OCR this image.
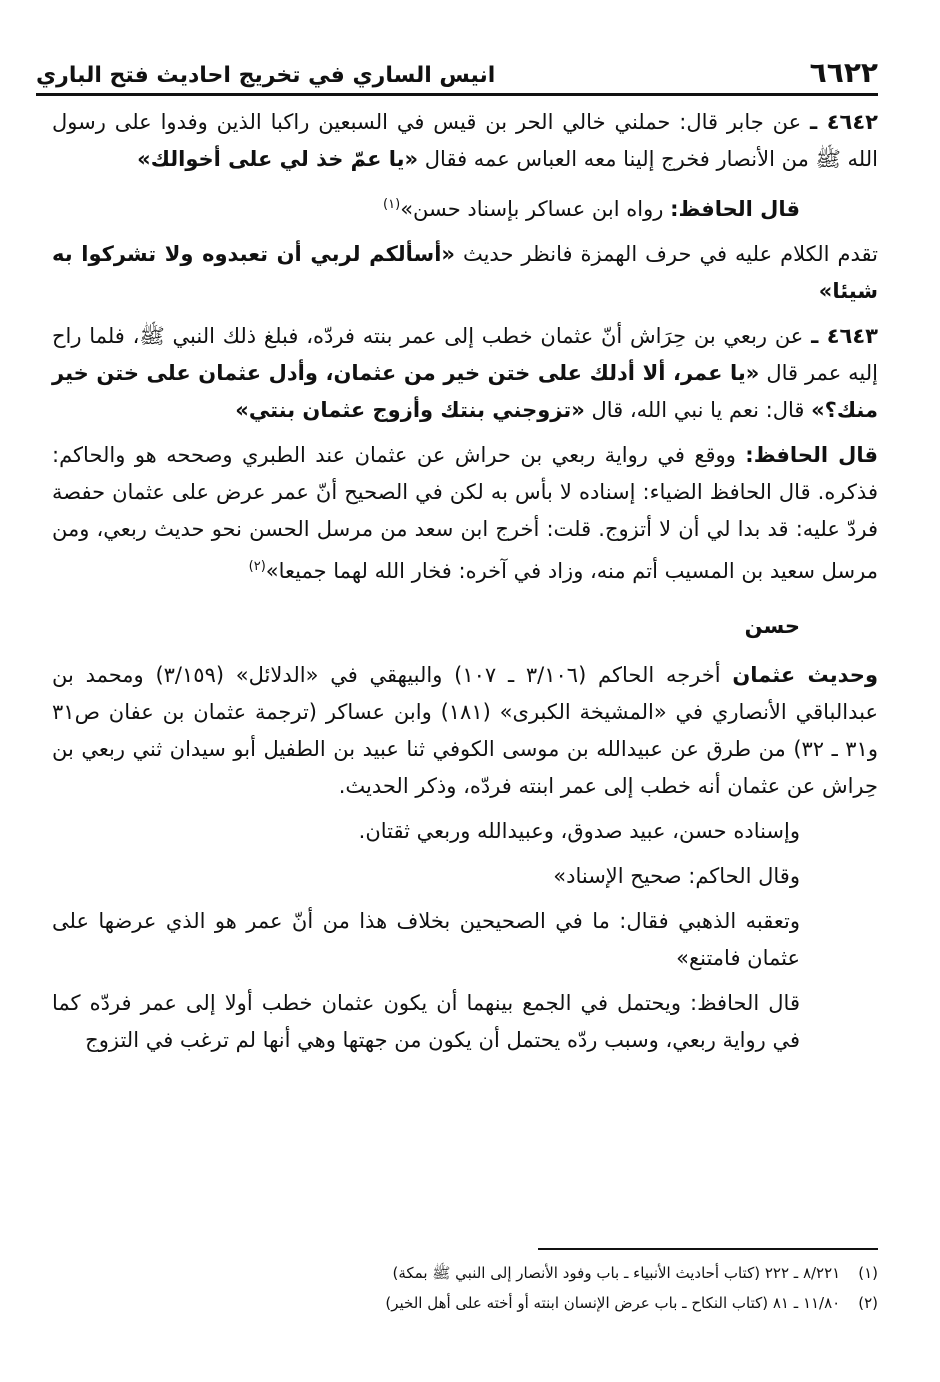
٦٦٢٢
انيس الساري في تخريج احاديث فتح الباري
٤٦٤٢ ـ عن جابر قال: حملني خالي الحر بن قيس في السبعين راكبا الذين وفدوا على رسول الله ﷺ من الأنصار فخرج إلينا معه العباس عمه فقال «يا عمّ خذ لي على أخوالك»
قال الحافظ: رواه ابن عساكر بإسناد حسن»$^{(١)}$
تقدم الكلام عليه في حرف الهمزة فانظر حديث «أسألكم لربي أن تعبدوه ولا تشركوا به شيئا»
٤٦٤٣ ـ عن ربعي بن حِرَاش أنّ عثمان خطب إلى عمر بنته فردّه، فبلغ ذلك النبي ﷺ، فلما راح إليه عمر قال «يا عمر، ألا أدلك على ختن خير من عثمان، وأدل عثمان على ختن خير منك؟» قال: نعم يا نبي الله، قال «تزوجني بنتك وأزوج عثمان بنتي»
قال الحافظ: ووقع في رواية ربعي بن حراش عن عثمان عند الطبري وصححه هو والحاكم: فذكره. قال الحافظ الضياء: إسناده لا بأس به لكن في الصحيح أنّ عمر عرض على عثمان حفصة فردّ عليه: قد بدا لي أن لا أتزوج. قلت: أخرج ابن سعد من مرسل الحسن نحو حديث ربعي، ومن مرسل سعيد بن المسيب أتم منه، وزاد في آخره: فخار الله لهما جميعا»$^{(٢)}$
حسن
وحديث عثمان أخرجه الحاكم (٣/١٠٦ ـ ١٠٧) والبيهقي في «الدلائل» (٣/١٥٩) ومحمد بن عبدالباقي الأنصاري في «المشيخة الكبرى» (١٨١) وابن عساكر (ترجمة عثمان بن عفان ص٣١ و٣١ ـ ٣٢) من طرق عن عبيدالله بن موسى الكوفي ثنا عبيد بن الطفيل أبو سيدان ثني ربعي بن حِراش عن عثمان أنه خطب إلى عمر ابنته فردّه، وذكر الحديث.
وإسناده حسن، عبيد صدوق، وعبيدالله وربعي ثقتان.
وقال الحاكم: صحيح الإسناد»
وتعقبه الذهبي فقال: ما في الصحيحين بخلاف هذا من أنّ عمر هو الذي عرضها على عثمان فامتنع»
قال الحافظ: ويحتمل في الجمع بينهما أن يكون عثمان خطب أولا إلى عمر فردّه كما في رواية ربعي، وسبب ردّه يحتمل أن يكون من جهتها وهي أنها لم ترغب في التزوج
(١)
٨/٢٢١ ـ ٢٢٢ (كتاب أحاديث الأنبياء ـ باب وفود الأنصار إلى النبي ﷺ بمكة)
(٢)
١١/٨٠ ـ ٨١ (كتاب النكاح ـ باب عرض الإنسان ابنته أو أخته على أهل الخير)
